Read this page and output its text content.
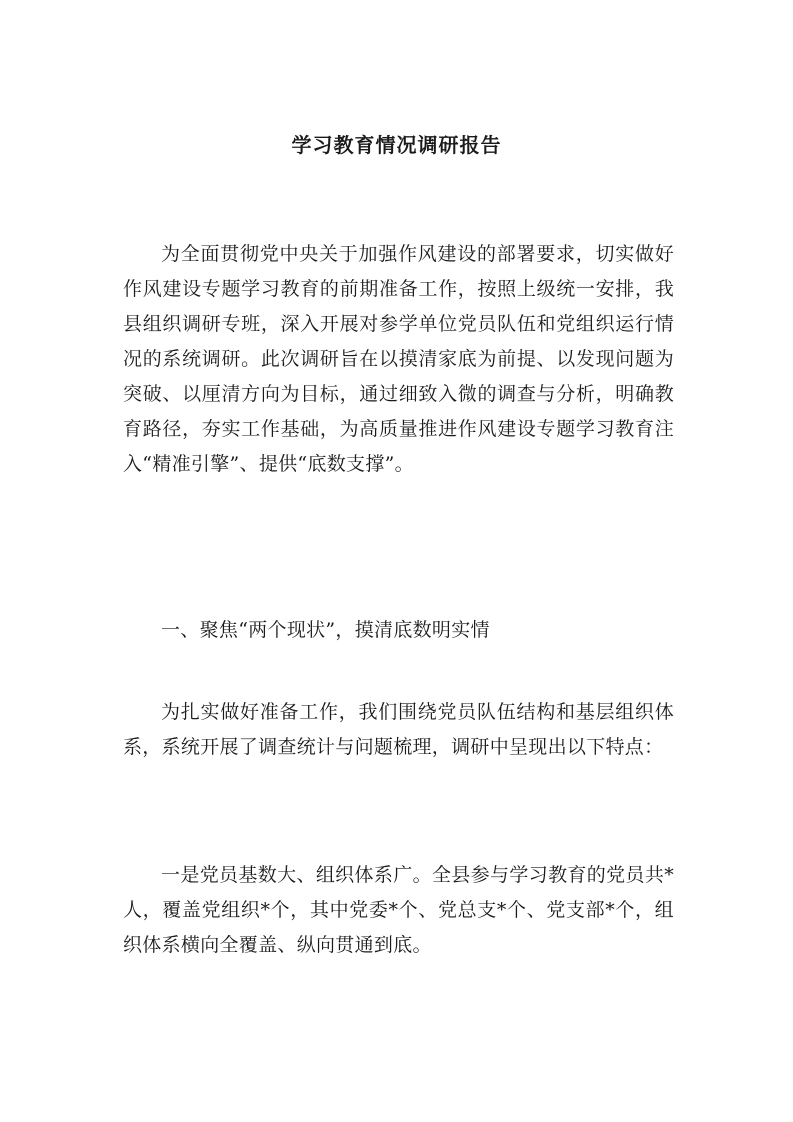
学习教育情况调研报告

为全面贯彻党中央关于加强作风建设的部署要求，切实做好作风建设专题学习教育的前期准备工作，按照上级统一安排，我县组织调研专班，深入开展对参学单位党员队伍和党组织运行情况的系统调研。此次调研旨在以摸清家底为前提、以发现问题为突破、以厘清方向为目标，通过细致入微的调查与分析，明确教育路径，夯实工作基础，为高质量推进作风建设专题学习教育注入“精准引擎”、提供“底数支撑”。

一、聚焦“两个现状”，摸清底数明实情

为扎实做好准备工作，我们围绕党员队伍结构和基层组织体系，系统开展了调查统计与问题梳理，调研中呈现出以下特点：

一是党员基数大、组织体系广。全县参与学习教育的党员共*人，覆盖党组织*个，其中党委*个、党总支*个、党支部*个，组织体系横向全覆盖、纵向贯通到底。
